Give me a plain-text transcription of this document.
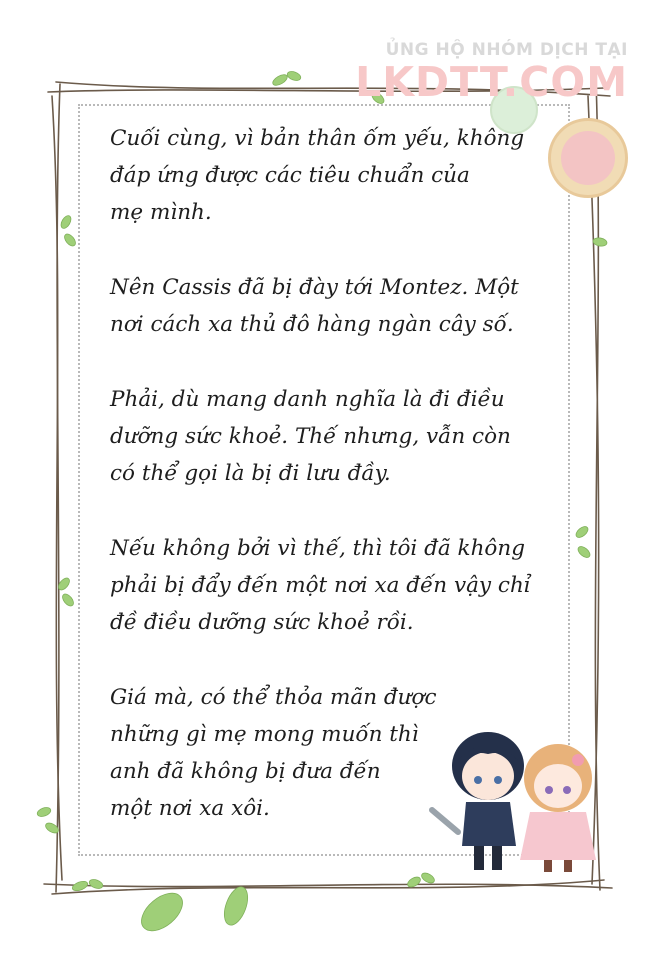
ỦNG HỘ NHÓM DỊCH TẠI
LKDTT.COM

Cuối cùng, vì bản thân ốm yếu, không
đáp ứng được các tiêu chuẩn của
mẹ mình.

Nên Cassis đã bị đày tới Montez. Một
nơi cách xa thủ đô hàng ngàn cây số.

Phải, dù mang danh nghĩa là đi điều
dưỡng sức khoẻ. Thế nhưng, vẫn còn
có thể gọi là bị đi lưu đầy.

Nếu không bởi vì thế, thì tôi đã không
phải bị đẩy đến một nơi xa đến vậy chỉ
đề điều dưỡng sức khoẻ rồi.

Giá mà, có thể thỏa mãn được
những gì mẹ mong muốn thì
anh đã không bị đưa đến
một nơi xa xôi.
